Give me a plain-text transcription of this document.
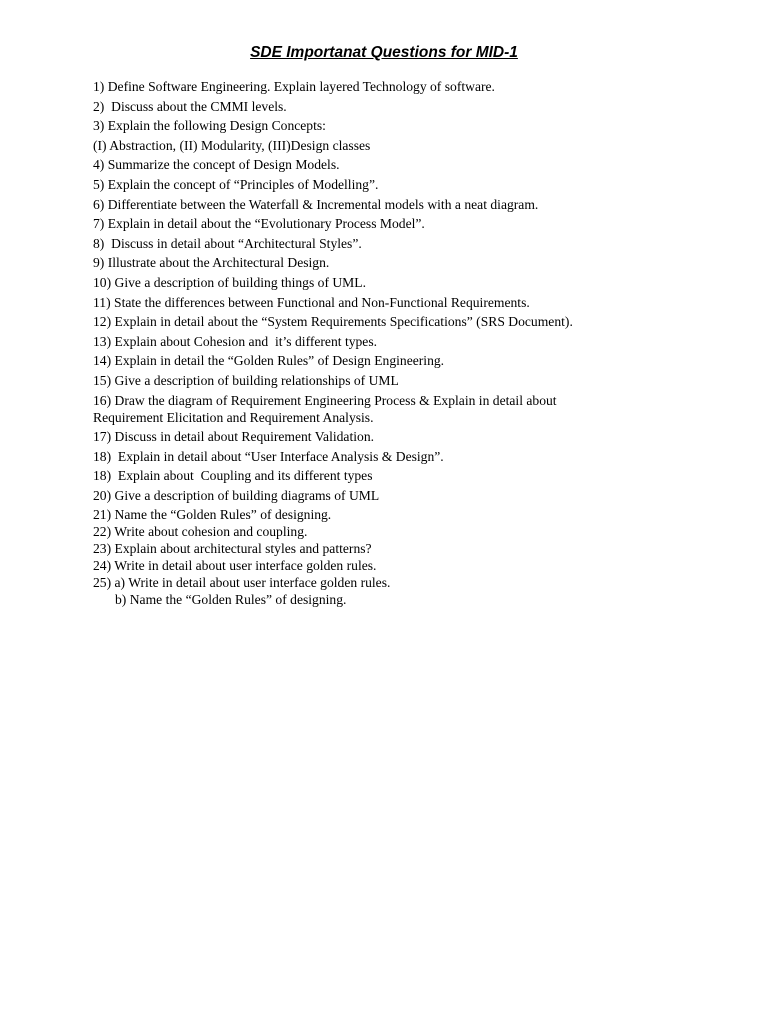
SDE Importanat Questions for MID-1
1) Define Software Engineering. Explain layered Technology of software.
2)  Discuss about the CMMI levels.
3) Explain the following Design Concepts:
(I) Abstraction, (II) Modularity, (III)Design classes
4) Summarize the concept of Design Models.
5) Explain the concept of “Principles of Modelling”.
6) Differentiate between the Waterfall & Incremental models with a neat diagram.
7) Explain in detail about the “Evolutionary Process Model”.
8)  Discuss in detail about “Architectural Styles”.
9) Illustrate about the Architectural Design.
10) Give a description of building things of UML.
11) State the differences between Functional and Non-Functional Requirements.
12) Explain in detail about the “System Requirements Specifications” (SRS Document).
13) Explain about Cohesion and  it’s different types.
14) Explain in detail the “Golden Rules” of Design Engineering.
15) Give a description of building relationships of UML
16) Draw the diagram of Requirement Engineering Process & Explain in detail about
Requirement Elicitation and Requirement Analysis.
17) Discuss in detail about Requirement Validation.
18)  Explain in detail about “User Interface Analysis & Design”.
18)  Explain about  Coupling and its different types
20) Give a description of building diagrams of UML
21) Name the “Golden Rules” of designing.
22) Write about cohesion and coupling.
23) Explain about architectural styles and patterns?
24) Write in detail about user interface golden rules.
25) a) Write in detail about user interface golden rules.
b) Name the “Golden Rules” of designing.
